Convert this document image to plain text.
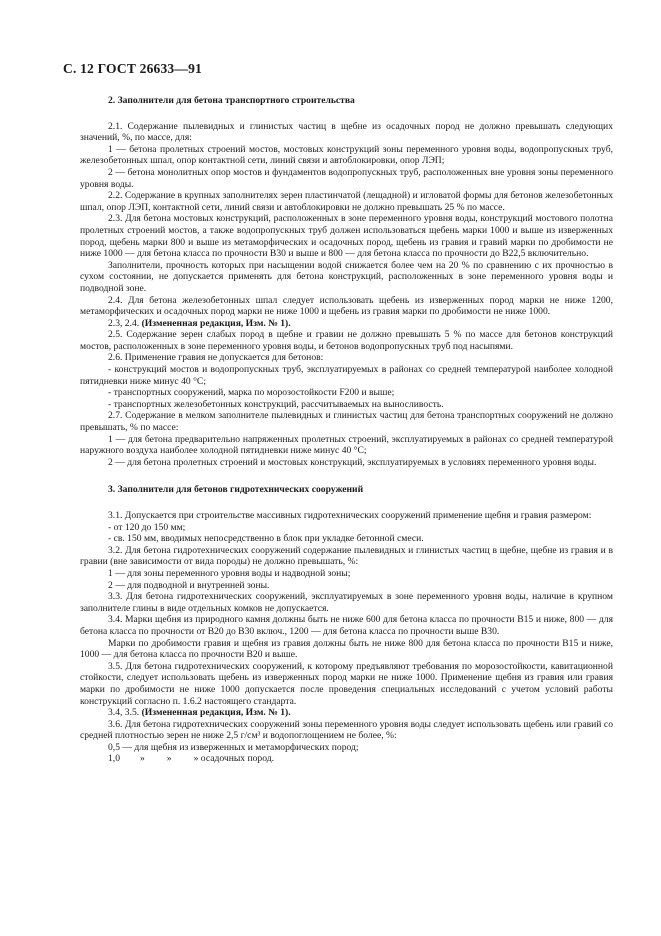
С. 12 ГОСТ 26633—91
2. Заполнители для бетона транспортного строительства

2.1. Содержание пылевидных и глинистых частиц в щебне из осадочных пород не должно превышать следующих значений, %, по массе, для:

1 — бетона пролетных строений мостов, мостовых конструкций зоны переменного уровня воды, водопропускных труб, железобетонных шпал, опор контактной сети, линий связи и автоблокировки, опор ЛЭП;

2 — бетона монолитных опор мостов и фундаментов водопропускных труб, расположенных вне уровня зоны переменного уровня воды.

2.2. Содержание в крупных заполнителях зерен пластинчатой (лещадной) и игловатой формы для бетонов железобетонных шпал, опор ЛЭП, контактной сети, линий связи и автоблокировки не должно превышать 25 % по массе.

2.3. Для бетона мостовых конструкций, расположенных в зоне переменного уровня воды, конструкций мостового полотна пролетных строений мостов, а также водопропускных труб должен использоваться щебень марки 1000 и выше из изверженных пород, щебень марки 800 и выше из метаморфических и осадочных пород, щебень из гравия и гравий марки по дробимости не ниже 1000 — для бетона класса по прочности В30 и выше и 800 — для бетона класса по прочности до В22,5 включительно.

Заполнители, прочность которых при насыщении водой снижается более чем на 20 % по сравнению с их прочностью в сухом состоянии, не допускается применять для бетона конструкций, расположенных в зоне переменного уровня воды и подводной зоне.

2.4. Для бетона железобетонных шпал следует использовать щебень из изверженных пород марки не ниже 1200, метаморфических и осадочных пород марки не ниже 1000 и щебень из гравия марки по дробимости не ниже 1000.

2.3, 2.4. (Измененная редакция, Изм. № 1).

2.5. Содержание зерен слабых пород в щебне и гравии не должно превышать 5 % по массе для бетонов конструкций мостов, расположенных в зоне переменного уровня воды, и бетонов водопропускных труб под насыпями.

2.6. Применение гравия не допускается для бетонов:

- конструкций мостов и водопропускных труб, эксплуатируемых в районах со средней температурой наиболее холодной пятидневки ниже минус 40 °С;

- транспортных сооружений, марка по морозостойкости F200 и выше;

- транспортных железобетонных конструкций, рассчитываемых на выносливость.

2.7. Содержание в мелком заполнителе пылевидных и глинистых частиц для бетона транспортных сооружений не должно превышать, % по массе:

1 — для бетона предварительно напряженных пролетных строений, эксплуатируемых в районах со средней температурой наружного воздуха наиболее холодной пятидневки ниже минус 40 °С;

2 — для бетона пролетных строений и мостовых конструкций, эксплуатируемых в условиях переменного уровня воды.

3. Заполнители для бетонов гидротехнических сооружений

3.1. Допускается при строительстве массивных гидротехнических сооружений применение щебня и гравия размером:

- от 120 до 150 мм;

- св. 150 мм, вводимых непосредственно в блок при укладке бетонной смеси.

3.2. Для бетона гидротехнических сооружений содержание пылевидных и глинистых частиц в щебне, щебне из гравия и в гравии (вне зависимости от вида породы) не должно превышать, %:

1 — для зоны переменного уровня воды и надводной зоны;

2 — для подводной и внутренней зоны.

3.3. Для бетона гидротехнических сооружений, эксплуатируемых в зоне переменного уровня воды, наличие в крупном заполнителе глины в виде отдельных комков не допускается.

3.4. Марки щебня из природного камня должны быть не ниже 600 для бетона класса по прочности В15 и ниже, 800 — для бетона класса по прочности от В20 до В30 включ., 1200 — для бетона класса по прочности выше В30.

Марки по дробимости гравия и щебня из гравия должны быть не ниже 800 для бетона класса по прочности В15 и ниже, 1000 — для бетона класса по прочности В20 и выше.

3.5. Для бетона гидротехнических сооружений, к которому предъявляют требования по морозостойкости, кавитационной стойкости, следует использовать щебень из изверженных пород марки не ниже 1000. Применение щебня из гравия или гравия марки по дробимости не ниже 1000 допускается после проведения специальных исследований с учетом условий работы конструкций согласно п. 1.6.2 настоящего стандарта.

3.4, 3.5. (Измененная редакция, Изм. № 1).

3.6. Для бетона гидротехнических сооружений зоны переменного уровня воды следует использовать щебень или гравий со средней плотностью зерен не ниже 2,5 г/см³ и водопоглощением не более, %:

0,5 — для щебня из изверженных и метаморфических пород;

1,0 » » » осадочных пород.
